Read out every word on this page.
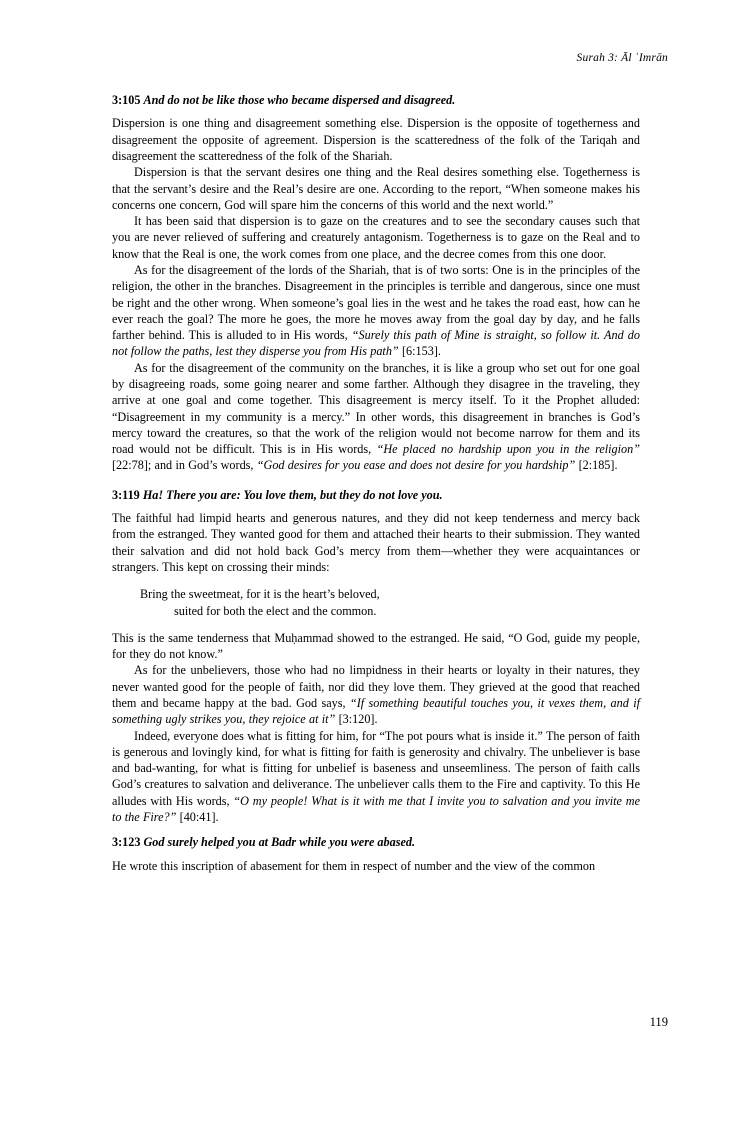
Surah 3: Āl ʿImrān
3:105 And do not be like those who became dispersed and disagreed.

Dispersion is one thing and disagreement something else. Dispersion is the opposite of togetherness and disagreement the opposite of agreement. Dispersion is the scatteredness of the folk of the Tariqah and disagreement the scatteredness of the folk of the Shariah.

Dispersion is that the servant desires one thing and the Real desires something else. Togetherness is that the servant’s desire and the Real’s desire are one. According to the report, “When someone makes his concerns one concern, God will spare him the concerns of this world and the next world.”

It has been said that dispersion is to gaze on the creatures and to see the secondary causes such that you are never relieved of suffering and creaturely antagonism. Togetherness is to gaze on the Real and to know that the Real is one, the work comes from one place, and the decree comes from this one door.

As for the disagreement of the lords of the Shariah, that is of two sorts: One is in the principles of the religion, the other in the branches. Disagreement in the principles is terrible and dangerous, since one must be right and the other wrong. When someone’s goal lies in the west and he takes the road east, how can he ever reach the goal? The more he goes, the more he moves away from the goal day by day, and he falls farther behind. This is alluded to in His words, “Surely this path of Mine is straight, so follow it. And do not follow the paths, lest they disperse you from His path” [6:153].

As for the disagreement of the community on the branches, it is like a group who set out for one goal by disagreeing roads, some going nearer and some farther. Although they disagree in the traveling, they arrive at one goal and come together. This disagreement is mercy itself. To it the Prophet alluded: “Disagreement in my community is a mercy.” In other words, this disagreement in branches is God’s mercy toward the creatures, so that the work of the religion would not become narrow for them and its road would not be difficult. This is in His words, “He placed no hardship upon you in the religion” [22:78]; and in God’s words, “God desires for you ease and does not desire for you hardship” [2:185].

3:119 Ha! There you are: You love them, but they do not love you.

The faithful had limpid hearts and generous natures, and they did not keep tenderness and mercy back from the estranged. They wanted good for them and attached their hearts to their submission. They wanted their salvation and did not hold back God’s mercy from them—whether they were acquaintances or strangers. This kept on crossing their minds:

Bring the sweetmeat, for it is the heart’s beloved,
suited for both the elect and the common.

This is the same tenderness that Muḥammad showed to the estranged. He said, “O God, guide my people, for they do not know.”

As for the unbelievers, those who had no limpidness in their hearts or loyalty in their natures, they never wanted good for the people of faith, nor did they love them. They grieved at the good that reached them and became happy at the bad. God says, “If something beautiful touches you, it vexes them, and if something ugly strikes you, they rejoice at it” [3:120].

Indeed, everyone does what is fitting for him, for “The pot pours what is inside it.” The person of faith is generous and lovingly kind, for what is fitting for faith is generosity and chivalry. The unbeliever is base and bad-wanting, for what is fitting for unbelief is baseness and unseemliness. The person of faith calls God’s creatures to salvation and deliverance. The unbeliever calls them to the Fire and captivity. To this He alludes with His words, “O my people! What is it with me that I invite you to salvation and you invite me to the Fire?” [40:41].

3:123 God surely helped you at Badr while you were abased.

He wrote this inscription of abasement for them in respect of number and the view of the common

119
